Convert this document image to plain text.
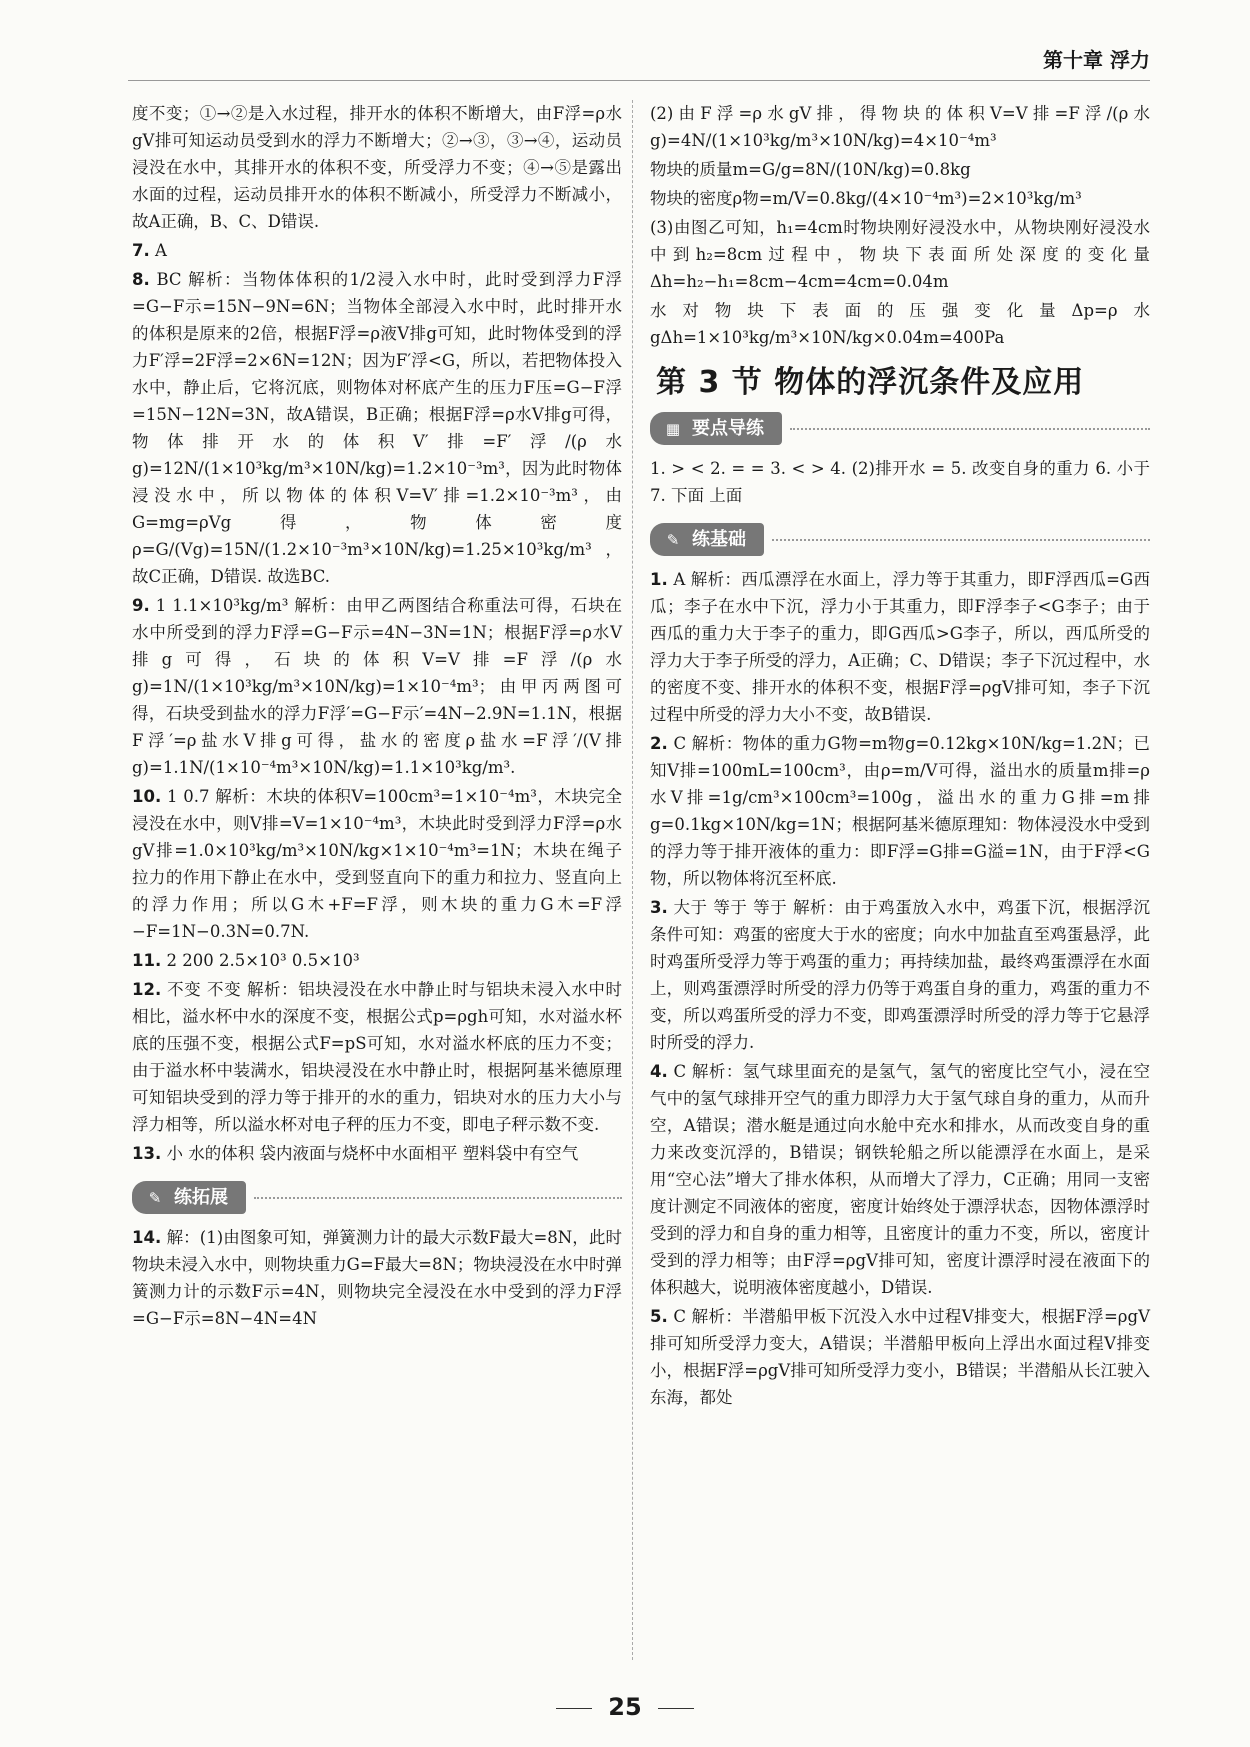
第十章 浮力

度不变；①→②是入水过程，排开水的体积不断增大，由F浮=ρ水gV排可知运动员受到水的浮力不断增大；②→③，③→④，运动员浸没在水中，其排开水的体积不变，所受浮力不变；④→⑤是露出水面的过程，运动员排开水的体积不断减小，所受浮力不断减小，故A正确，B、C、D错误.

7. A

8. BC 解析：当物体体积的1/2浸入水中时，此时受到浮力F浮=G−F示=15N−9N=6N；当物体全部浸入水中时，此时排开水的体积是原来的2倍，根据F浮=ρ液V排g可知，此时物体受到的浮力F′浮=2F浮=2×6N=12N；因为F′浮<G，所以，若把物体投入水中，静止后，它将沉底，则物体对杯底产生的压力F压=G−F浮=15N−12N=3N，故A错误，B正确；根据F浮=ρ水V排g可得，物体排开水的体积V′排=F′浮/(ρ水g)=12N/(1×10³kg/m³×10N/kg)=1.2×10⁻³m³，因为此时物体浸没水中，所以物体的体积V=V′排=1.2×10⁻³m³，由G=mg=ρVg得，物体密度ρ=G/(Vg)=15N/(1.2×10⁻³m³×10N/kg)=1.25×10³kg/m³，故C正确，D错误. 故选BC.

9. 1 1.1×10³kg/m³ 解析：由甲乙两图结合称重法可得，石块在水中所受到的浮力F浮=G−F示=4N−3N=1N；根据F浮=ρ水V排g可得，石块的体积V=V排=F浮/(ρ水g)=1N/(1×10³kg/m³×10N/kg)=1×10⁻⁴m³；由甲丙两图可得，石块受到盐水的浮力F浮′=G−F示′=4N−2.9N=1.1N，根据F浮′=ρ盐水V排g可得，盐水的密度ρ盐水=F浮′/(V排g)=1.1N/(1×10⁻⁴m³×10N/kg)=1.1×10³kg/m³.

10. 1 0.7 解析：木块的体积V=100cm³=1×10⁻⁴m³，木块完全浸没在水中，则V排=V=1×10⁻⁴m³，木块此时受到浮力F浮=ρ水gV排=1.0×10³kg/m³×10N/kg×1×10⁻⁴m³=1N；木块在绳子拉力的作用下静止在水中，受到竖直向下的重力和拉力、竖直向上的浮力作用；所以G木+F=F浮，则木块的重力G木=F浮−F=1N−0.3N=0.7N.

11. 2 200 2.5×10³ 0.5×10³

12. 不变 不变 解析：铝块浸没在水中静止时与铝块未浸入水中时相比，溢水杯中水的深度不变，根据公式p=ρgh可知，水对溢水杯底的压强不变，根据公式F=pS可知，水对溢水杯底的压力不变；由于溢水杯中装满水，铝块浸没在水中静止时，根据阿基米德原理可知铝块受到的浮力等于排开的水的重力，铝块对水的压力大小与浮力相等，所以溢水杯对电子秤的压力不变，即电子秤示数不变.

13. 小 水的体积 袋内液面与烧杯中水面相平 塑料袋中有空气

✎ 练拓展

14. 解：(1)由图象可知，弹簧测力计的最大示数F最大=8N，此时物块未浸入水中，则物块重力G=F最大=8N；物块浸没在水中时弹簧测力计的示数F示=4N，则物块完全浸没在水中受到的浮力F浮=G−F示=8N−4N=4N

(2)由F浮=ρ水gV排，得物块的体积V=V排=F浮/(ρ水g)=4N/(1×10³kg/m³×10N/kg)=4×10⁻⁴m³

物块的质量m=G/g=8N/(10N/kg)=0.8kg

物块的密度ρ物=m/V=0.8kg/(4×10⁻⁴m³)=2×10³kg/m³

(3)由图乙可知，h₁=4cm时物块刚好浸没水中，从物块刚好浸没水中到h₂=8cm过程中，物块下表面所处深度的变化量Δh=h₂−h₁=8cm−4cm=4cm=0.04m

水对物块下表面的压强变化量Δp=ρ水gΔh=1×10³kg/m³×10N/kg×0.04m=400Pa

第 3 节 物体的浮沉条件及应用
▦ 要点导练

1. > < 2. = = 3. < > 4. (2)排开水 = 5. 改变自身的重力 6. 小于 7. 下面 上面

✎ 练基础

1. A 解析：西瓜漂浮在水面上，浮力等于其重力，即F浮西瓜=G西瓜；李子在水中下沉，浮力小于其重力，即F浮李子<G李子；由于西瓜的重力大于李子的重力，即G西瓜>G李子，所以，西瓜所受的浮力大于李子所受的浮力，A正确；C、D错误；李子下沉过程中，水的密度不变、排开水的体积不变，根据F浮=ρgV排可知，李子下沉过程中所受的浮力大小不变，故B错误.

2. C 解析：物体的重力G物=m物g=0.12kg×10N/kg=1.2N；已知V排=100mL=100cm³，由ρ=m/V可得，溢出水的质量m排=ρ水V排=1g/cm³×100cm³=100g，溢出水的重力G排=m排g=0.1kg×10N/kg=1N；根据阿基米德原理知：物体浸没水中受到的浮力等于排开液体的重力：即F浮=G排=G溢=1N，由于F浮<G物，所以物体将沉至杯底.

3. 大于 等于 等于 解析：由于鸡蛋放入水中，鸡蛋下沉，根据浮沉条件可知：鸡蛋的密度大于水的密度；向水中加盐直至鸡蛋悬浮，此时鸡蛋所受浮力等于鸡蛋的重力；再持续加盐，最终鸡蛋漂浮在水面上，则鸡蛋漂浮时所受的浮力仍等于鸡蛋自身的重力，鸡蛋的重力不变，所以鸡蛋所受的浮力不变，即鸡蛋漂浮时所受的浮力等于它悬浮时所受的浮力.

4. C 解析：氢气球里面充的是氢气，氢气的密度比空气小，浸在空气中的氢气球排开空气的重力即浮力大于氢气球自身的重力，从而升空，A错误；潜水艇是通过向水舱中充水和排水，从而改变自身的重力来改变沉浮的，B错误；钢铁轮船之所以能漂浮在水面上，是采用“空心法”增大了排水体积，从而增大了浮力，C正确；用同一支密度计测定不同液体的密度，密度计始终处于漂浮状态，因物体漂浮时受到的浮力和自身的重力相等，且密度计的重力不变，所以，密度计受到的浮力相等；由F浮=ρgV排可知，密度计漂浮时浸在液面下的体积越大，说明液体密度越小，D错误.

5. C 解析：半潜船甲板下沉没入水中过程V排变大，根据F浮=ρgV排可知所受浮力变大，A错误；半潜船甲板向上浮出水面过程V排变小，根据F浮=ρgV排可知所受浮力变小，B错误；半潜船从长江驶入东海，都处

25
